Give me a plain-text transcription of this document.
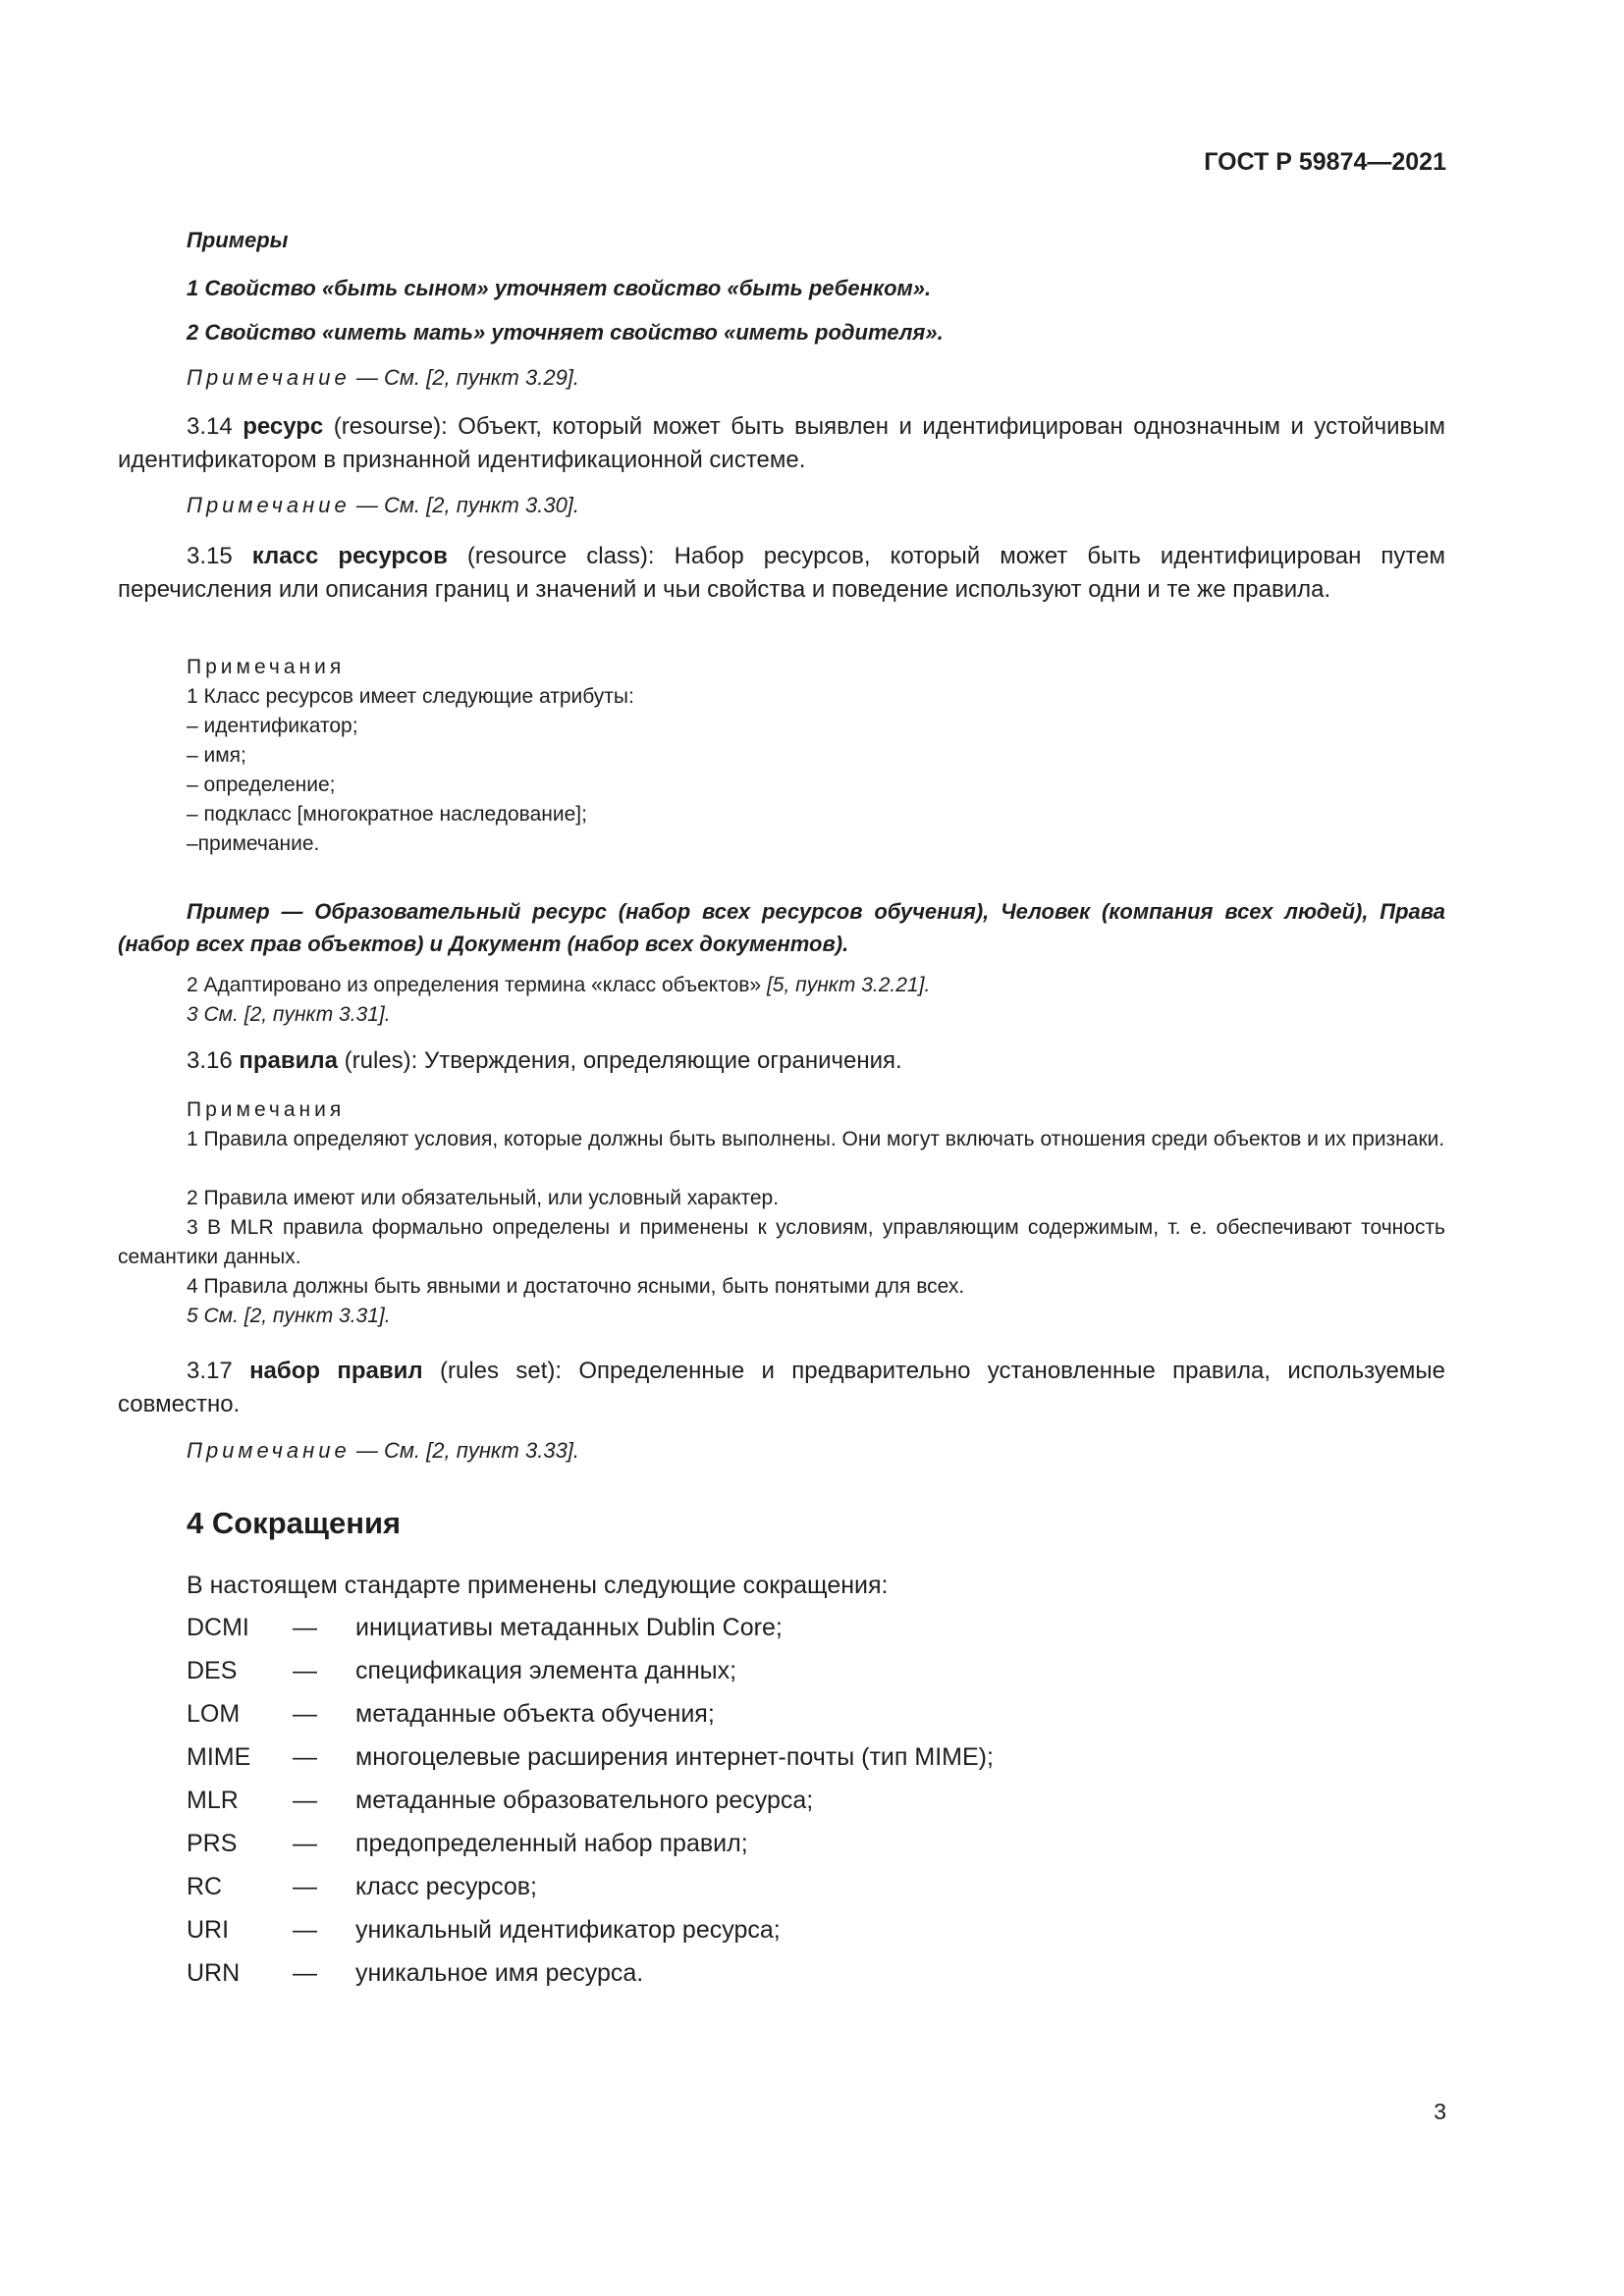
ГОСТ Р 59874—2021
Примеры
1 Свойство «быть сыном» уточняет свойство «быть ребенком».
2 Свойство «иметь мать» уточняет свойство «иметь родителя».
Примечание — См. [2, пункт 3.29].
3.14 ресурс (resourse): Объект, который может быть выявлен и идентифицирован однозначным и устойчивым идентификатором в признанной идентификационной системе.
Примечание — См. [2, пункт 3.30].
3.15 класс ресурсов (resource class): Набор ресурсов, который может быть идентифицирован путем перечисления или описания границ и значений и чьи свойства и поведение используют одни и те же правила.
Примечания
1 Класс ресурсов имеет следующие атрибуты:
– идентификатор;
– имя;
– определение;
– подкласс [многократное наследование];
–примечание.
Пример — Образовательный ресурс (набор всех ресурсов обучения), Человек (компания всех людей), Права (набор всех прав объектов) и Документ (набор всех документов).
2 Адаптировано из определения термина «класс объектов» [5, пункт 3.2.21].
3 См. [2, пункт 3.31].
3.16 правила (rules): Утверждения, определяющие ограничения.
Примечания
1 Правила определяют условия, которые должны быть выполнены. Они могут включать отношения среди объектов и их признаки.
2 Правила имеют или обязательный, или условный характер.
3 В MLR правила формально определены и применены к условиям, управляющим содержимым, т. е. обеспечивают точность семантики данных.
4 Правила должны быть явными и достаточно ясными, быть понятыми для всех.
5 См. [2, пункт 3.31].
3.17 набор правил (rules set): Определенные и предварительно установленные правила, используемые совместно.
Примечание — См. [2, пункт 3.33].
4 Сокращения
В настоящем стандарте применены следующие сокращения:
DCMI — инициативы метаданных Dublin Core;
DES — спецификация элемента данных;
LOM — метаданные объекта обучения;
MIME — многоцелевые расширения интернет-почты (тип MIME);
MLR — метаданные образовательного ресурса;
PRS — предопределенный набор правил;
RC	— класс ресурсов;
URI	— уникальный идентификатор ресурса;
URN — уникальное имя ресурса.
3
